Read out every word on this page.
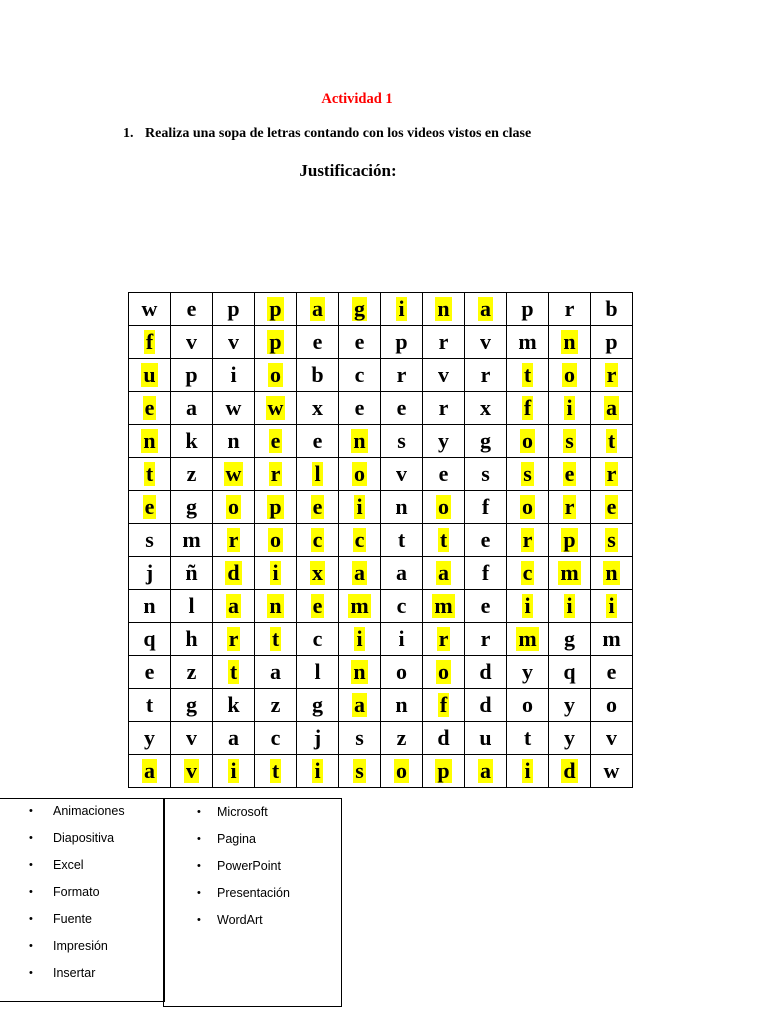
Actividad 1
1. Realiza una sopa de letras contando con los videos vistos en clase
Justificación:
w	e	p	p	a	g	i	n	a	p	r	b
f	v	v	p	e	e	p	r	v	m	n	p
u	p	i	o	b	c	r	v	r	t	o	r
e	a	w	w	x	e	e	r	x	f	i	a
n	k	n	e	e	n	s	y	g	o	s	t
t	z	w	r	l	o	v	e	s	s	e	r
e	g	o	p	e	i	n	o	f	o	r	e
s	m	r	o	c	c	t	t	e	r	p	s
j	ñ	d	i	x	a	a	a	f	c	m	n
n	l	a	n	e	m	c	m	e	i	i	i
q	h	r	t	c	i	i	r	r	m	g	m
e	z	t	a	l	n	o	o	d	y	q	e
t	g	k	z	g	a	n	f	d	o	y	o
y	v	a	c	j	s	z	d	u	t	y	v
a	v	i	t	i	s	o	p	a	i	d	w
• Animaciones
• Diapositiva
• Excel
• Formato
• Fuente
• Impresión
• Insertar
• Microsoft
• Pagina
• PowerPoint
• Presentación
• WordArt
